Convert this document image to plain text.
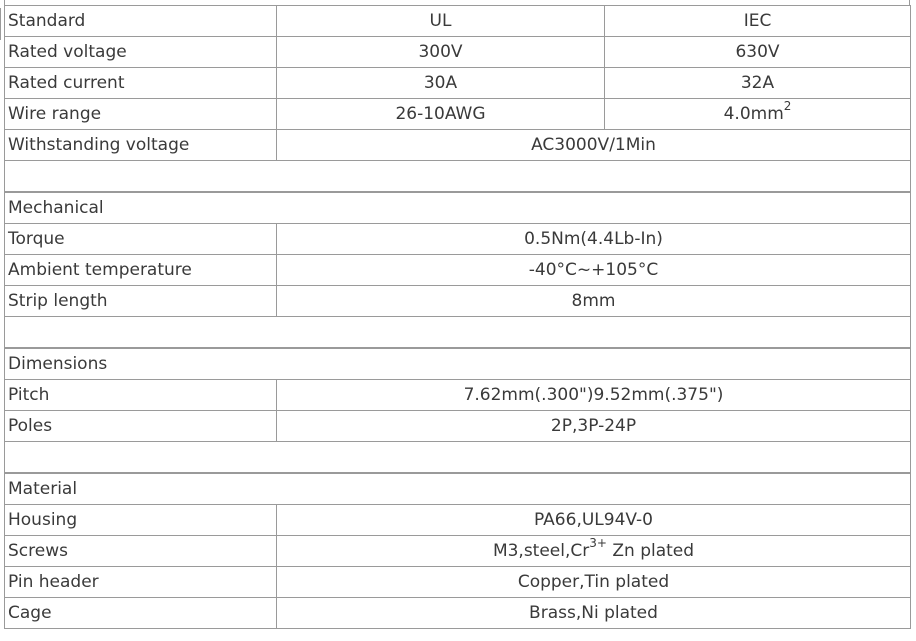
Standard	UL	IEC
Rated voltage	300V	630V
Rated current	30A	32A
Wire range	26-10AWG	$4.0mm^2$
Withstanding voltage	AC3000V/1Min	

Mechanical		
Torque	0.5Nm(4.4Lb-In)	
Ambient temperature	-40°C~+105°C	
Strip length	8mm	

Dimensions		
Pitch	7.62mm(.300")9.52mm(.375")	
Poles	2P,3P-24P	

Material		
Housing	PA66,UL94V-0	
Screws	$M3,steel,Cr^{3+}$ Zn plated	
Pin header	Copper,Tin plated	
Cage	Brass,Ni plated	
